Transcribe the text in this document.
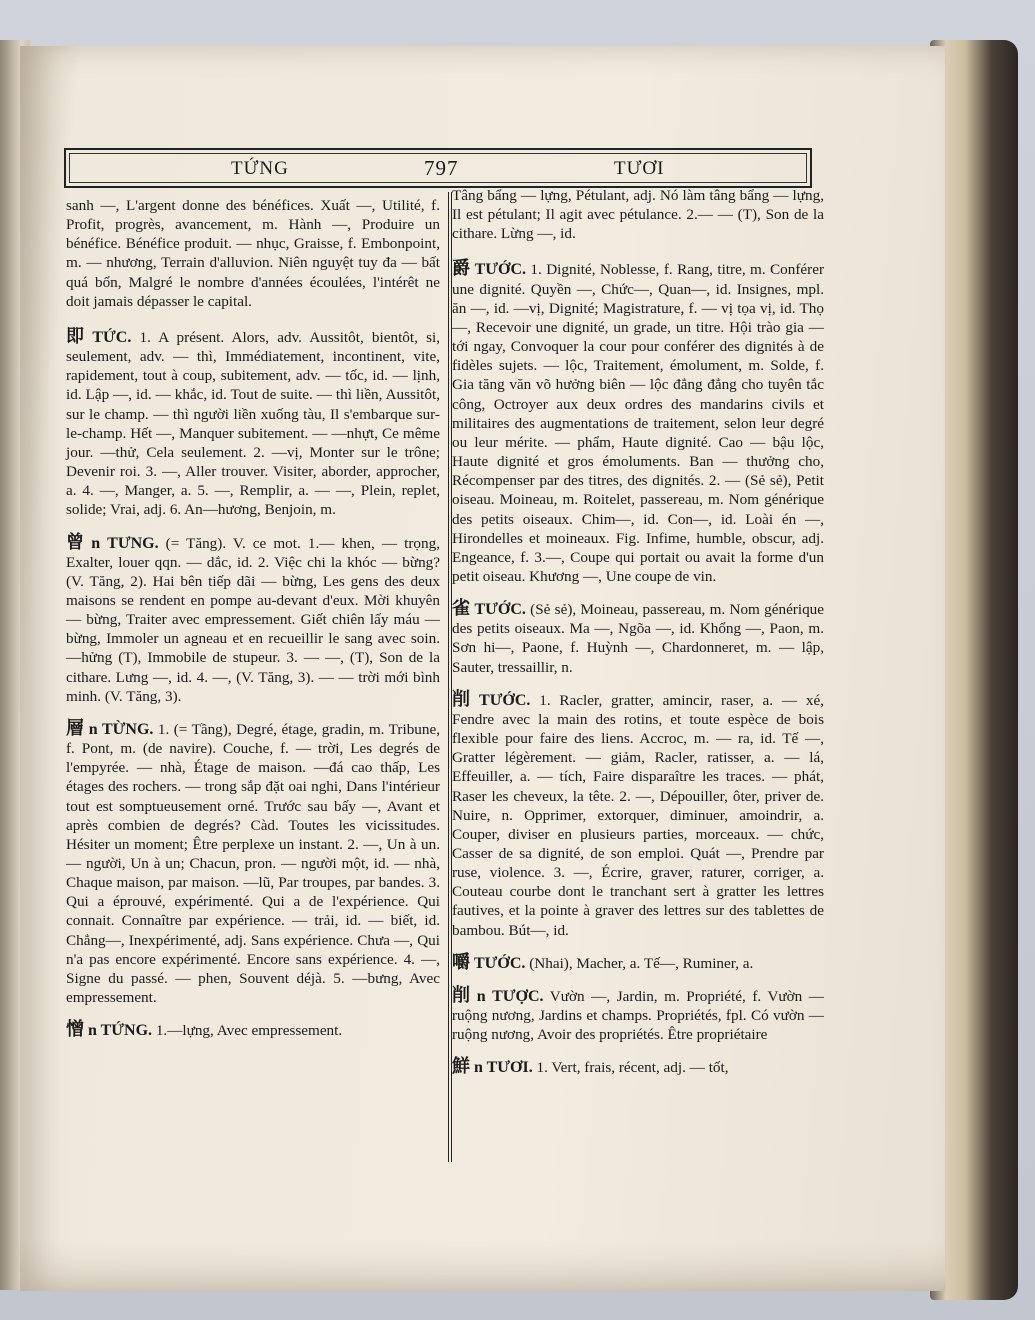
TỨNG	797	TƯƠI

sanh —, L'argent donne des bénéfices. Xuất —, Utilité, f. Profit, progrès, avancement, m. Hành —, Produire un bénéfice. Bénéfice produit. — nhục, Graisse, f. Embonpoint, m. — nhương, Terrain d'alluvion. Niên nguyệt tuy đa — bất quá bổn, Malgré le nombre d'années écoulées, l'intérêt ne doit jamais dépasser le capital.

即 TỨC. 1. A présent. Alors, adv. Aussitôt, bientôt, si, seulement, adv. — thì, Immédiatement, incontinent, vite, rapidement, tout à coup, subitement, adv. — tốc, id. — lịnh, id. Lập —, id. — khắc, id. Tout de suite. — thì liền, Aussitôt, sur le champ. — thì người liền xuống tàu, Il s'embarque sur-le-champ. Hết —, Manquer subitement. — —nhựt, Ce même jour. —thử, Cela seulement. 2. —vị, Monter sur le trône; Devenir roi. 3. —, Aller trouver. Visiter, aborder, approcher, a. 4. —, Manger, a. 5. —, Remplir, a. — —, Plein, replet, solide; Vrai, adj. 6. An—hương, Benjoin, m.

曾 n TƯNG. (= Tăng). V. ce mot. 1.— khen, — trọng, Exalter, louer qqn. — dắc, id. 2. Việc chi la khóc — bừng? (V. Tăng, 2). Hai bên tiếp dãi — bừng, Les gens des deux maisons se rendent en pompe au-devant d'eux. Mời khuyên — bừng, Traiter avec empressement. Giết chiên lấy máu — bừng, Immoler un agneau et en recueillir le sang avec soin. —hửng (T), Immobile de stupeur. 3. — —, (T), Son de la cithare. Lưng —, id. 4. —, (V. Tăng, 3). — — trời mới bình minh. (V. Tăng, 3).

層 n TỪNG. 1. (= Tầng), Degré, étage, gradin, m. Tribune, f. Pont, m. (de navire). Couche, f. — trời, Les degrés de l'empyrée. — nhà, Étage de maison. —đá cao thấp, Les étages des rochers. — trong sắp đặt oai nghi, Dans l'intérieur tout est somptueusement orné. Trước sau bấy —, Avant et après combien de degrés? Càd. Toutes les vicissitudes. Hésiter un moment; Être perplexe un instant. 2. —, Un à un. — người, Un à un; Chacun, pron. — người một, id. — nhà, Chaque maison, par maison. —lũ, Par troupes, par bandes. 3. Qui a éprouvé, expérimenté. Qui a de l'expérience. Qui connait. Connaître par expérience. — trải, id. — biết, id. Chẳng—, Inexpérimenté, adj. Sans expérience. Chưa —, Qui n'a pas encore expérimenté. Encore sans expérience. 4. —, Signe du passé. — phen, Souvent déjà. 5. —bưng, Avec empressement.

憎 n TỨNG. 1.—lựng, Avec empressement.

Tâng bẩng — lựng, Pétulant, adj. Nó làm tâng bẩng — lựng, Il est pétulant; Il agit avec pétulance. 2.— — (T), Son de la cithare. Lừng —, id.

爵 TƯỚC. 1. Dignité, Noblesse, f. Rang, titre, m. Conférer une dignité. Quyền —, Chức—, Quan—, id. Insignes, mpl. ăn —, id. —vị, Dignité; Magistrature, f. — vị tọa vị, id. Thọ —, Recevoir une dignité, un grade, un titre. Hội trào gia — tới ngay, Convoquer la cour pour conférer des dignités à de fidèles sujets. — lộc, Traitement, émolument, m. Solde, f. Gia tăng văn võ hưởng biên — lộc đẳng đẳng cho tuyên tắc công, Octroyer aux deux ordres des mandarins civils et militaires des augmentations de traitement, selon leur degré ou leur mérite. — phẩm, Haute dignité. Cao — bậu lộc, Haute dignité et gros émoluments. Ban — thưởng cho, Récompenser par des titres, des dignités. 2. — (Sẻ sẻ), Petit oiseau. Moineau, m. Roitelet, passereau, m. Nom générique des petits oiseaux. Chim—, id. Con—, id. Loài én —, Hirondelles et moineaux. Fig. Infime, humble, obscur, adj. Engeance, f. 3.—, Coupe qui portait ou avait la forme d'un petit oiseau. Khương —, Une coupe de vin.

雀 TƯỚC. (Sẻ sẻ), Moineau, passereau, m. Nom générique des petits oiseaux. Ma —, Ngõa —, id. Khổng —, Paon, m. Sơn hi—, Paone, f. Huỳnh —, Chardonneret, m. — lập, Sauter, tressaillir, n.

削 TƯỚC. 1. Racler, gratter, amincir, raser, a. — xé, Fendre avec la main des rotins, et toute espèce de bois flexible pour faire des liens. Accroc, m. — ra, id. Tế —, Gratter légèrement. — giảm, Racler, ratisser, a. — lá, Effeuiller, a. — tích, Faire disparaître les traces. — phát, Raser les cheveux, la tête. 2. —, Dépouiller, ôter, priver de. Nuire, n. Opprimer, extorquer, diminuer, amoindrir, a. Couper, diviser en plusieurs parties, morceaux. — chức, Casser de sa dignité, de son emploi. Quát —, Prendre par ruse, violence. 3. —, Écrire, graver, raturer, corriger, a. Couteau courbe dont le tranchant sert à gratter les lettres fautives, et la pointe à graver des lettres sur des tablettes de bambou. Bút—, id.

嚼 TƯỚC. (Nhai), Macher, a. Tế—, Ruminer, a.

削 n TƯỢC. Vườn —, Jardin, m. Propriété, f. Vườn — ruộng nương, Jardins et champs. Propriétés, fpl. Có vườn — ruộng nương, Avoir des propriétés. Être propriétaire

鮮 n TƯƠI. 1. Vert, frais, récent, adj. — tốt,
